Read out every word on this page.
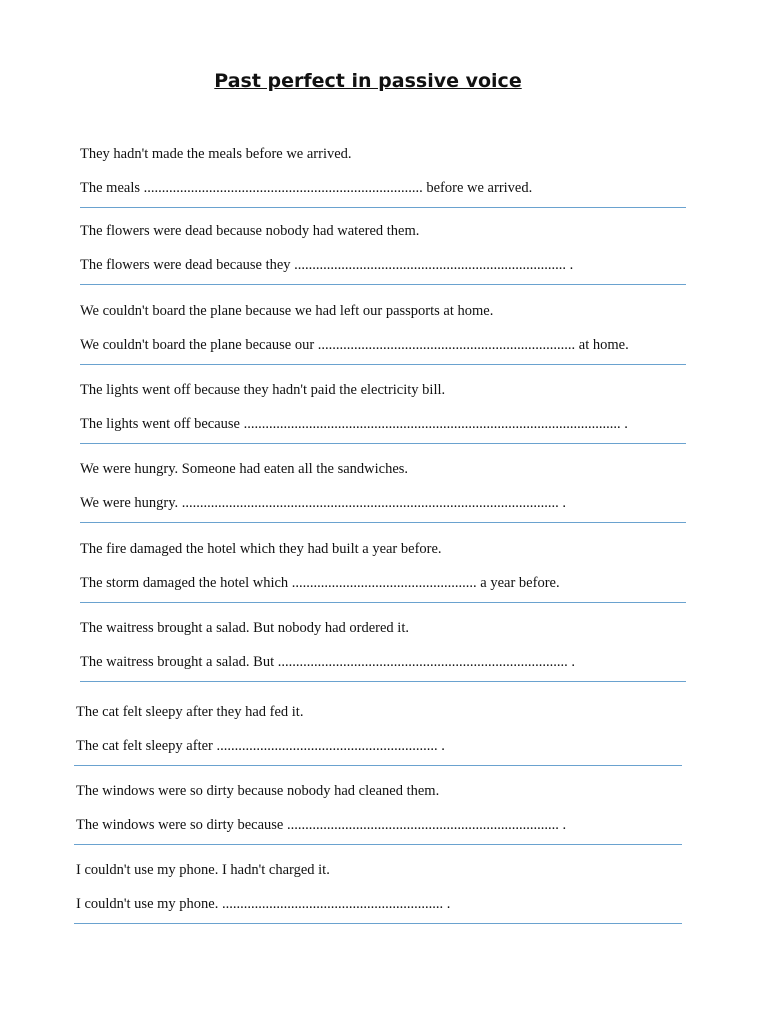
Past perfect in passive voice
They hadn't made the meals before we arrived.
The meals ............................................................................. before we arrived.
The flowers were dead because nobody had watered them.
The flowers were dead because they ........................................................................... .
We couldn't board the plane because we had left our passports at home.
We couldn't board the plane because our ....................................................................... at home.
The lights went off because they hadn't paid the electricity bill.
The lights went off because ........................................................................................................ .
We were hungry. Someone had eaten all the sandwiches.
We were hungry. ........................................................................................................ .
The fire damaged the hotel which they had built a year before.
The storm damaged the hotel which ................................................... a year before.
The waitress brought a salad. But nobody had ordered it.
The waitress brought a salad. But ................................................................................ .
The cat felt sleepy after they had fed it.
The cat felt sleepy after ............................................................. .
The windows were so dirty because nobody had cleaned them.
The windows were so dirty because ........................................................................... .
I couldn't use my phone. I hadn't charged it.
I couldn't use my phone. ............................................................. .
